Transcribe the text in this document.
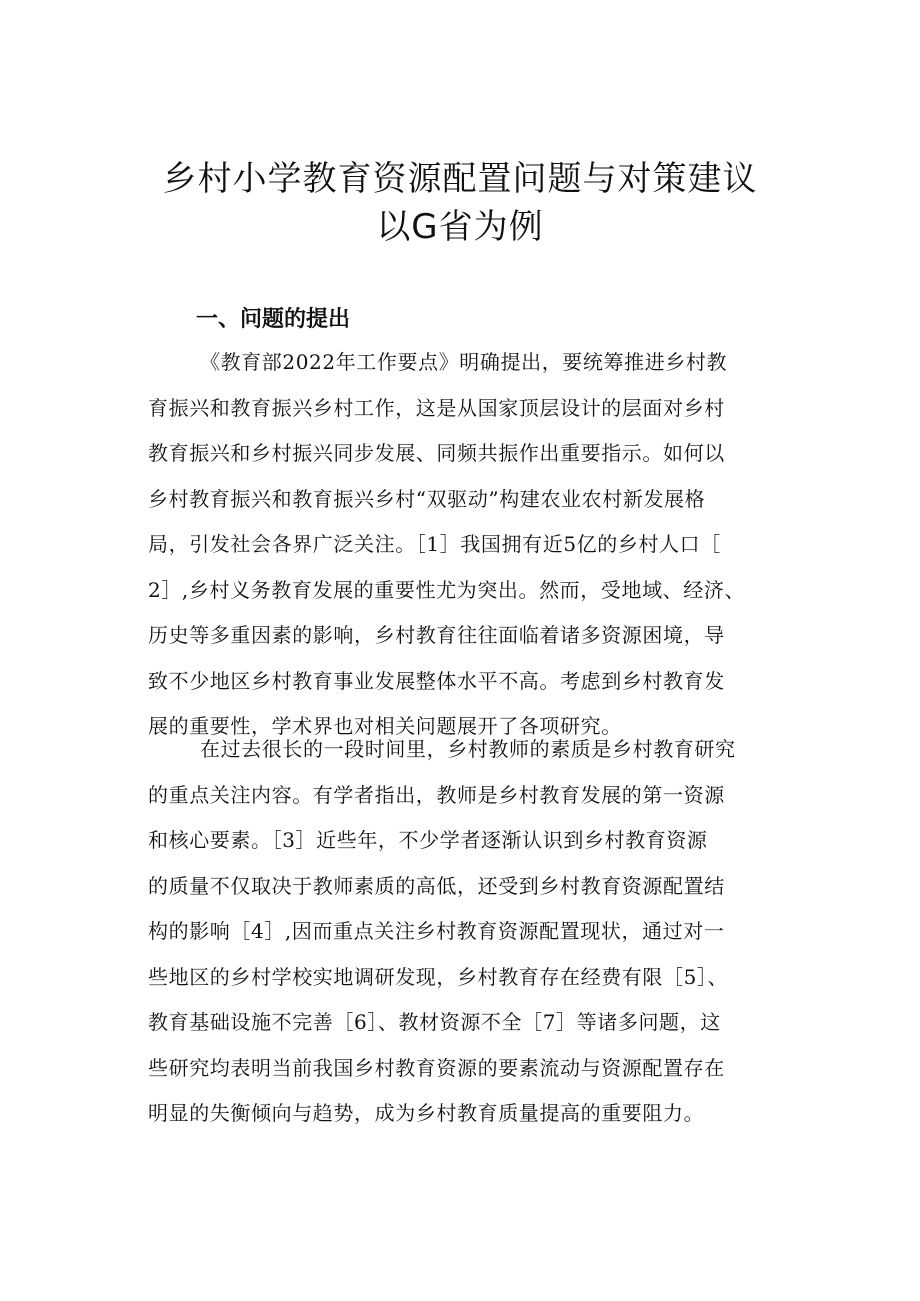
乡村小学教育资源配置问题与对策建议
以G省为例
一、问题的提出
《教育部2022年工作要点》明确提出，要统筹推进乡村教
育振兴和教育振兴乡村工作，这是从国家顶层设计的层面对乡村
教育振兴和乡村振兴同步发展、同频共振作出重要指示。如何以
乡村教育振兴和教育振兴乡村“双驱动”构建农业农村新发展格
局，引发社会各界广泛关注。［1］我国拥有近5亿的乡村人口［
2］,乡村义务教育发展的重要性尤为突出。然而，受地域、经济、
历史等多重因素的影响，乡村教育往往面临着诸多资源困境，导
致不少地区乡村教育事业发展整体水平不高。考虑到乡村教育发
展的重要性，学术界也对相关问题展开了各项研究。
在过去很长的一段时间里，乡村教师的素质是乡村教育研究
的重点关注内容。有学者指出，教师是乡村教育发展的第一资源
和核心要素。［3］近些年，不少学者逐渐认识到乡村教育资源
的质量不仅取决于教师素质的高低，还受到乡村教育资源配置结
构的影响［4］,因而重点关注乡村教育资源配置现状，通过对一
些地区的乡村学校实地调研发现，乡村教育存在经费有限［5］、
教育基础设施不完善［6］、教材资源不全［7］等诸多问题，这
些研究均表明当前我国乡村教育资源的要素流动与资源配置存在
明显的失衡倾向与趋势，成为乡村教育质量提高的重要阻力。
